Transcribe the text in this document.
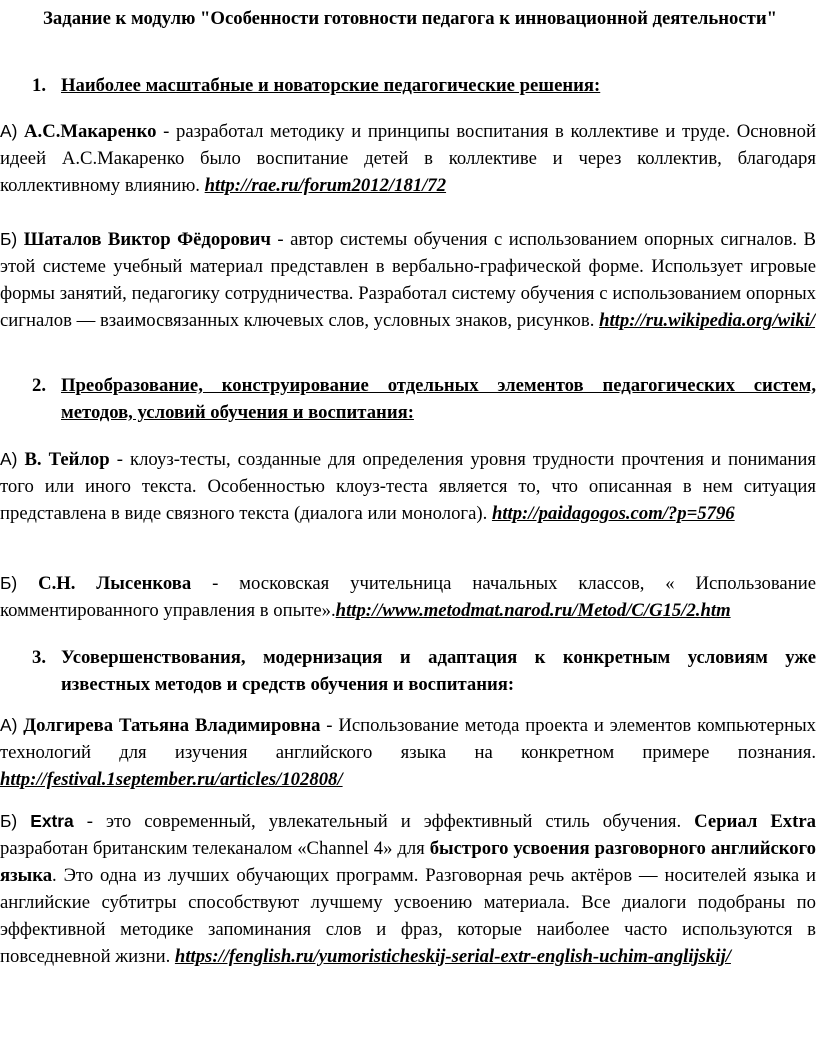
Задание к модулю "Особенности готовности педагога к инновационной деятельности"
1. Наиболее масштабные и новаторские педагогические решения:
А) А.С.Макаренко - разработал методику и принципы воспитания в коллективе и труде. Основной идеей А.С.Макаренко было воспитание детей в коллективе и через коллектив, благодаря коллективному влиянию. http://rae.ru/forum2012/181/72
Б) Шаталов Виктор Фёдорович - автор системы обучения с использованием опорных сигналов. В этой системе учебный материал представлен в вербально-графической форме. Использует игровые формы занятий, педагогику сотрудничества. Разработал систему обучения с использованием опорных сигналов — взаимосвязанных ключевых слов, условных знаков, рисунков. http://ru.wikipedia.org/wiki/
2. Преобразование, конструирование отдельных элементов педагогических систем, методов, условий обучения и воспитания:
А) В. Тейлор - клоуз-тесты, созданные для определения уровня трудности прочтения и понимания того или иного текста. Особенностью клоуз-теста является то, что описанная в нем ситуация представлена в виде связного текста (диалога или монолога). http://paidagogos.com/?p=5796
Б) С.Н. Лысенкова - московская учительница начальных классов, « Использование комментированного управления в опыте».http://www.metodmat.narod.ru/Metod/C/G15/2.htm
3. Усовершенствования, модернизация и адаптация к конкретным условиям уже известных методов и средств обучения и воспитания:
А) Долгирева Татьяна Владимировна - Использование метода проекта и элементов компьютерных технологий для изучения английского языка на конкретном примере познания. http://festival.1september.ru/articles/102808/
Б) Extra - это современный, увлекательный и эффективный стиль обучения. Сериал Extra разработан британским телеканалом «Channel 4» для быстрого усвоения разговорного английского языка. Это одна из лучших обучающих программ. Разговорная речь актёров — носителей языка и английские субтитры способствуют лучшему усвоению материала. Все диалоги подобраны по эффективной методике запоминания слов и фраз, которые наиболее часто используются в повседневной жизни. https://fenglish.ru/yumoristicheskij-serial-extr-english-uchim-anglijskij/
